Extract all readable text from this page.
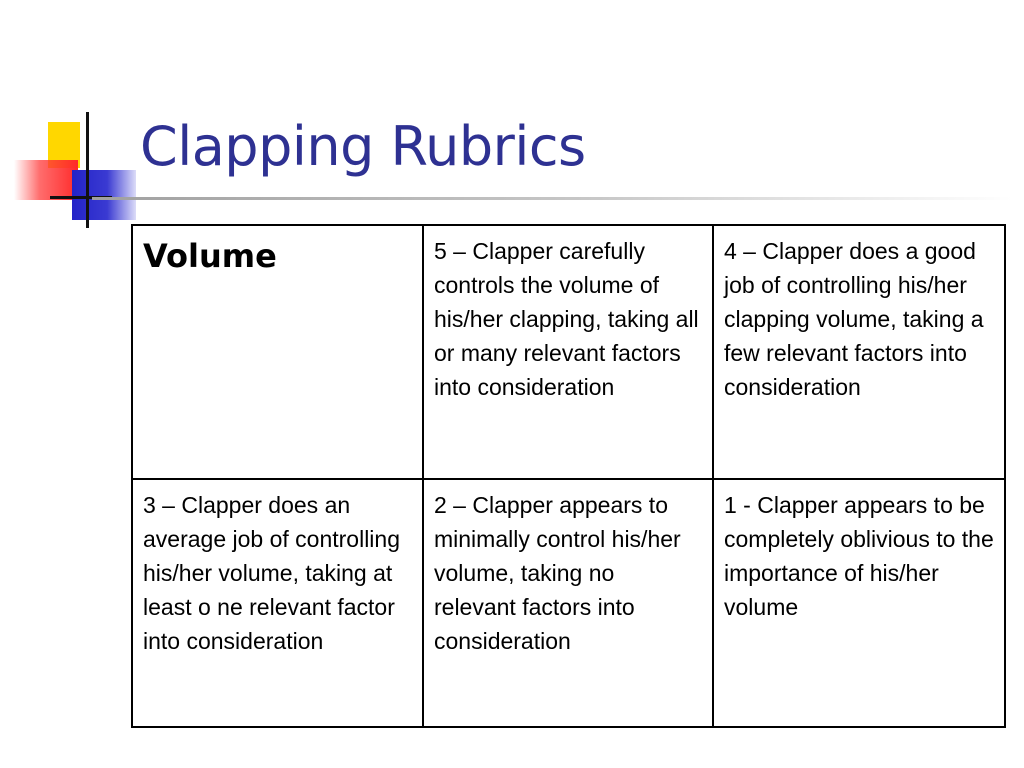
Clapping Rubrics
Volume	5 – Clapper carefully controls the volume of his/her clapping, taking all or many relevant factors into consideration	4 – Clapper does a good job of controlling his/her clapping volume, taking a few relevant factors into consideration
3 – Clapper does an average job of controlling his/her volume, taking at least o ne relevant factor into consideration	2 – Clapper appears to minimally control his/her volume, taking no relevant factors into consideration	1 - Clapper appears to be completely oblivious to the importance of his/her volume
